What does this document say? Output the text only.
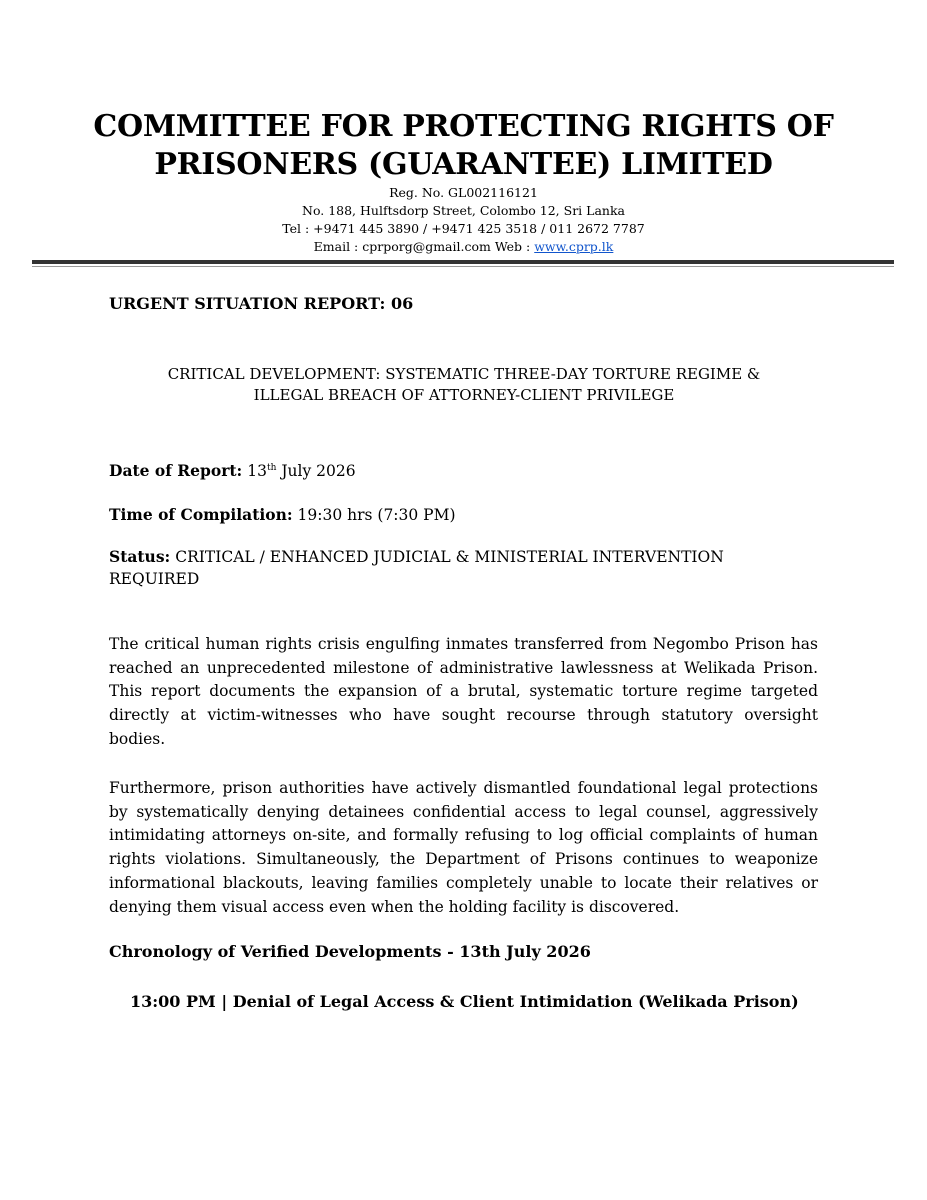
COMMITTEE FOR PROTECTING RIGHTS OF
PRISONERS (GUARANTEE) LIMITED
Reg. No. GL002116121
No. 188, Hulftsdorp Street, Colombo 12, Sri Lanka
Tel : +9471 445 3890 / +9471 425 3518 / 011 2672 7787
Email : cprporg@gmail.com Web : www.cprp.lk
URGENT SITUATION REPORT: 06
CRITICAL DEVELOPMENT: SYSTEMATIC THREE-DAY TORTURE REGIME &
ILLEGAL BREACH OF ATTORNEY-CLIENT PRIVILEGE
Date of Report: 13th July 2026
Time of Compilation: 19:30 hrs (7:30 PM)
Status: CRITICAL / ENHANCED JUDICIAL & MINISTERIAL INTERVENTION REQUIRED
The critical human rights crisis engulfing inmates transferred from Negombo Prison has reached an unprecedented milestone of administrative lawlessness at Welikada Prison. This report documents the expansion of a brutal, systematic torture regime targeted directly at victim-witnesses who have sought recourse through statutory oversight bodies.
Furthermore, prison authorities have actively dismantled foundational legal protections by systematically denying detainees confidential access to legal counsel, aggressively intimidating attorneys on-site, and formally refusing to log official complaints of human rights violations. Simultaneously, the Department of Prisons continues to weaponize informational blackouts, leaving families completely unable to locate their relatives or denying them visual access even when the holding facility is discovered.
Chronology of Verified Developments - 13th July 2026
13:00 PM | Denial of Legal Access & Client Intimidation (Welikada Prison)
